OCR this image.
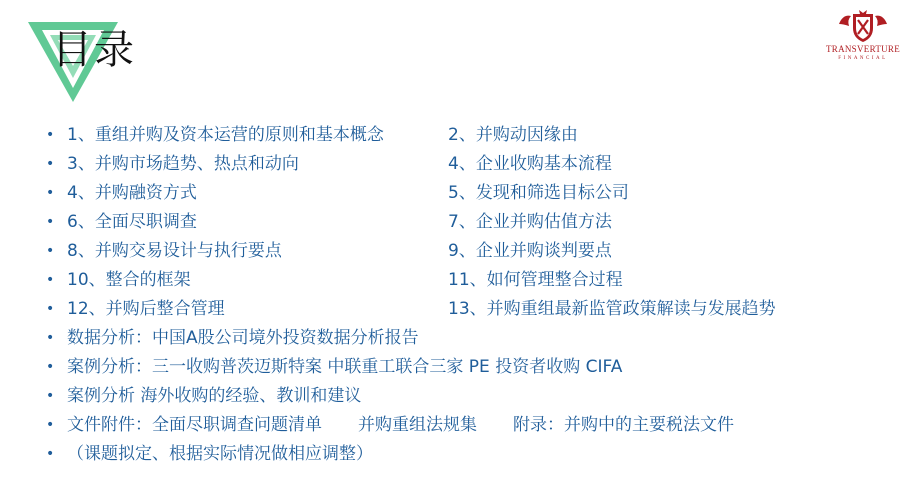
目录	TRANSVERTURE
FINANCIAL
• 1、重组并购及资本运营的原则和基本概念	2、并购动因缘由
• 3、并购市场趋势、热点和动向	4、企业收购基本流程
• 4、并购融资方式	5、发现和筛选目标公司
• 6、全面尽职调查	7、企业并购估值方法
• 8、并购交易设计与执行要点	9、企业并购谈判要点
• 10、整合的框架	11、如何管理整合过程
• 12、并购后整合管理	13、并购重组最新监管政策解读与发展趋势
• 数据分析：中国A股公司境外投资数据分析报告
• 案例分析：三一收购普茨迈斯特案 中联重工联合三家 PE 投资者收购 CIFA
• 案例分析 海外收购的经验、教训和建议
• 文件附件：全面尽职调查问题清单 并购重组法规集 附录：并购中的主要税法文件
• （课题拟定、根据实际情况做相应调整）
